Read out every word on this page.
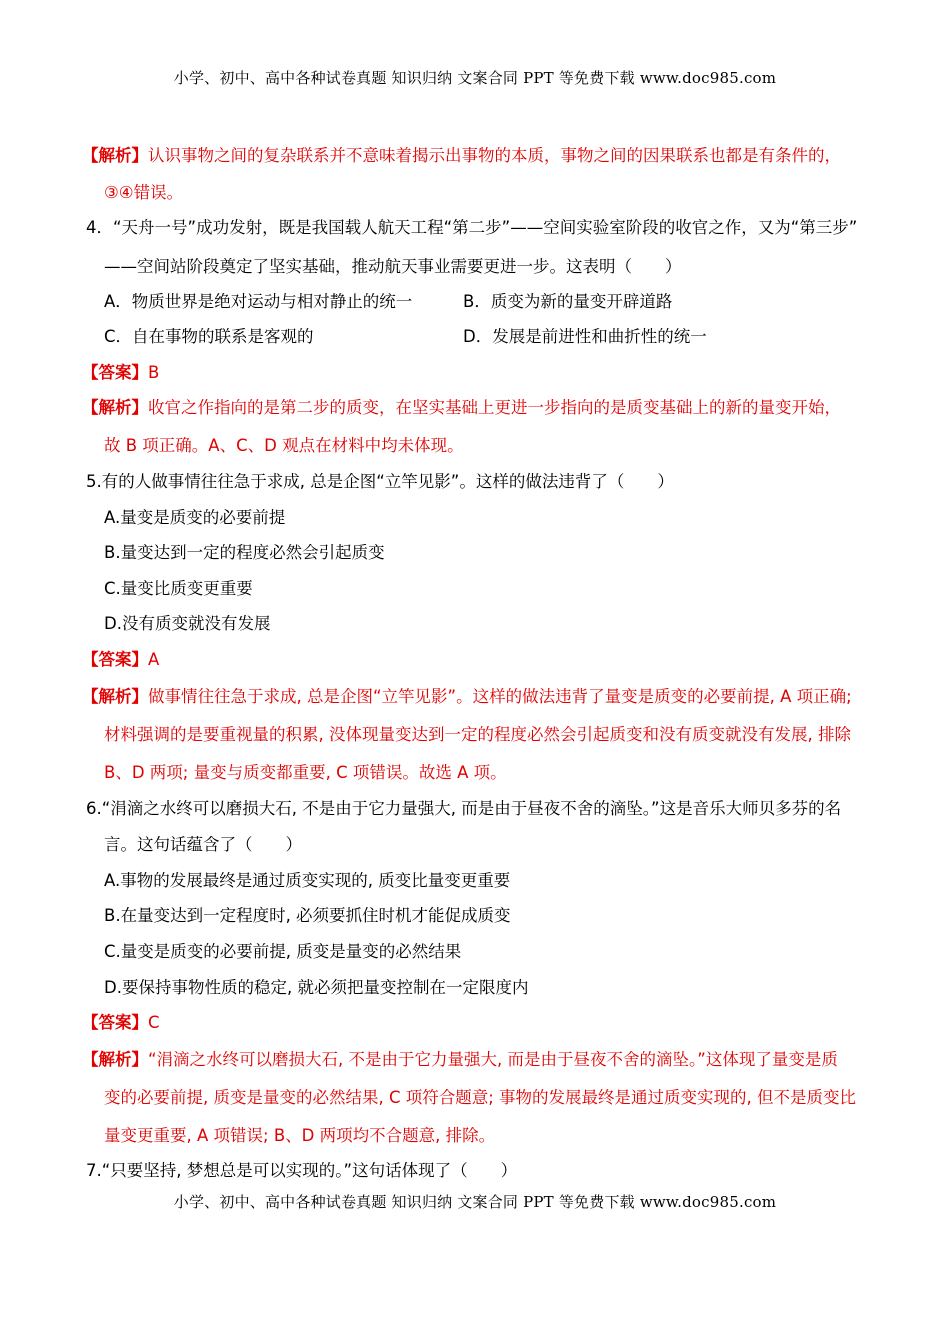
小学、初中、高中各种试卷真题 知识归纳 文案合同 PPT 等免费下载 www.doc985.com
【解析】认识事物之间的复杂联系并不意味着揭示出事物的本质，事物之间的因果联系也都是有条件的，
③④错误。
4．“天舟一号”成功发射，既是我国载人航天工程“第二步”——空间实验室阶段的收官之作，又为“第三步”
——空间站阶段奠定了坚实基础，推动航天事业需要更进一步。这表明（　　）
A．物质世界是绝对运动与相对静止的统一	B．质变为新的量变开辟道路
C．自在事物的联系是客观的	D．发展是前进性和曲折性的统一
【答案】B
【解析】收官之作指向的是第二步的质变，在坚实基础上更进一步指向的是质变基础上的新的量变开始，
故 B 项正确。A、C、D 观点在材料中均未体现。
5.有的人做事情往往急于求成, 总是企图“立竿见影”。这样的做法违背了（　　）
A.量变是质变的必要前提
B.量变达到一定的程度必然会引起质变
C.量变比质变更重要
D.没有质变就没有发展
【答案】A
【解析】做事情往往急于求成, 总是企图“立竿见影”。这样的做法违背了量变是质变的必要前提, A 项正确;
材料强调的是要重视量的积累, 没体现量变达到一定的程度必然会引起质变和没有质变就没有发展, 排除
B、D 两项; 量变与质变都重要, C 项错误。故选 A 项。
6.“涓滴之水终可以磨损大石, 不是由于它力量强大, 而是由于昼夜不舍的滴坠。”这是音乐大师贝多芬的名
言。这句话蕴含了（　　）
A.事物的发展最终是通过质变实现的, 质变比量变更重要
B.在量变达到一定程度时, 必须要抓住时机才能促成质变
C.量变是质变的必要前提, 质变是量变的必然结果
D.要保持事物性质的稳定, 就必须把量变控制在一定限度内
【答案】C
【解析】“涓滴之水终可以磨损大石, 不是由于它力量强大, 而是由于昼夜不舍的滴坠。”这体现了量变是质
变的必要前提, 质变是量变的必然结果, C 项符合题意; 事物的发展最终是通过质变实现的, 但不是质变比
量变更重要, A 项错误; B、D 两项均不合题意, 排除。
7.“只要坚持, 梦想总是可以实现的。”这句话体现了（　　）
小学、初中、高中各种试卷真题 知识归纳 文案合同 PPT 等免费下载 www.doc985.com
